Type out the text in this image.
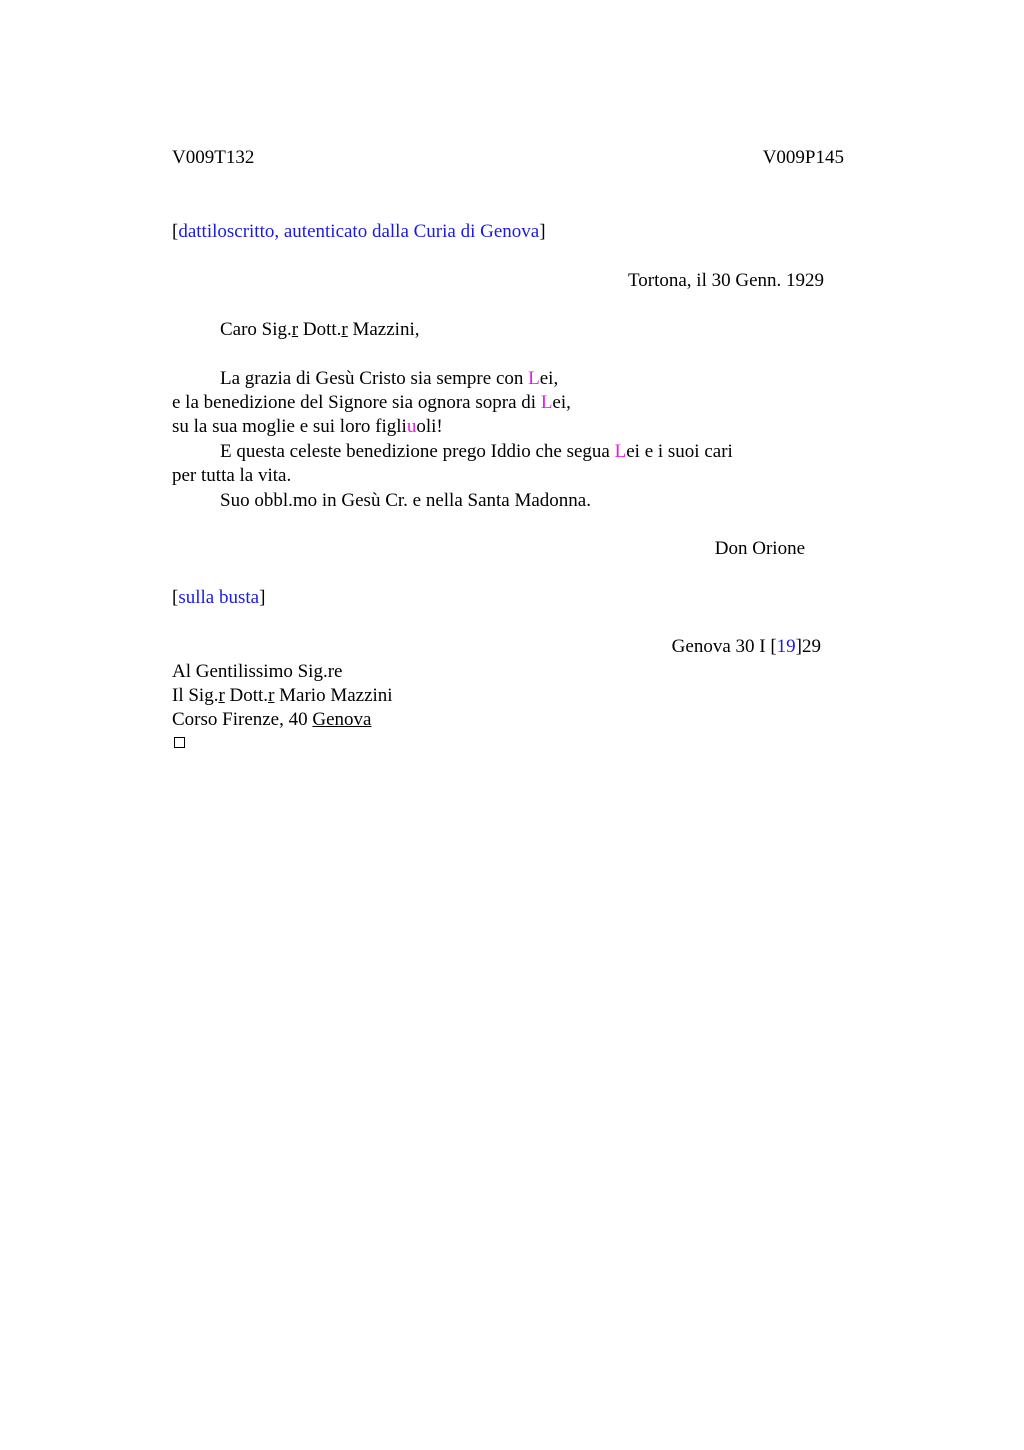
V009T132	V009P145

[dattiloscritto, autenticato dalla Curia di Genova]

Tortona, il 30 Genn. 1929

Caro Sig.r Dott.r Mazzini,

La grazia di Gesù Cristo sia sempre con Lei,

e la benedizione del Signore sia ognora sopra di Lei,

su la sua moglie e sui loro figliuoli!

E questa celeste benedizione prego Iddio che segua Lei e i suoi cari

per tutta la vita.

Suo obbl.mo in Gesù Cr. e nella Santa Madonna.

Don Orione

[sulla busta]

Genova 30 I [19]29

Al Gentilissimo Sig.re

Il Sig.r Dott.r Mario Mazzini

Corso Firenze, 40 Genova
